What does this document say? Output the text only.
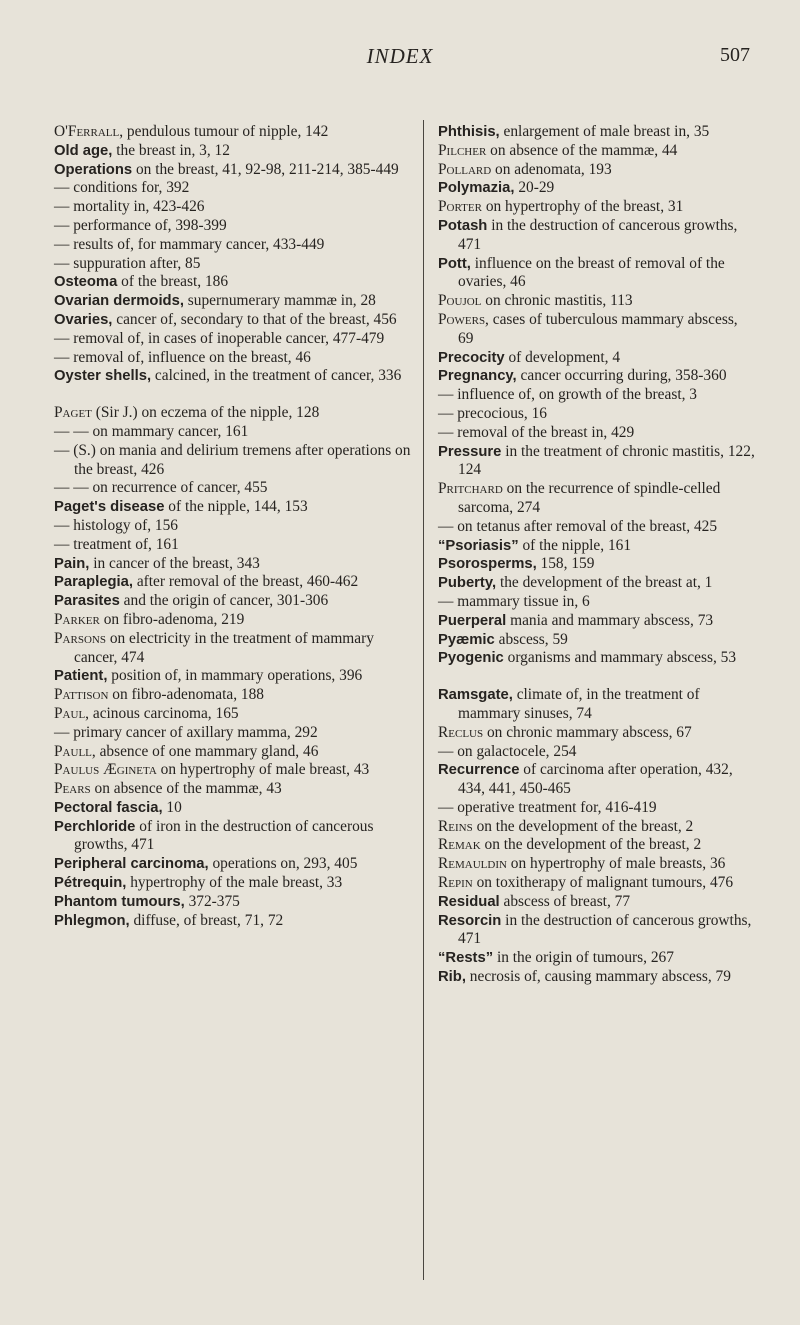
INDEX	507
O'Ferrall, pendulous tumour of nipple, 142
Old age, the breast in, 3, 12
Operations on the breast, 41, 92-98, 211-214, 385-449
— conditions for, 392
— mortality in, 423-426
— performance of, 398-399
— results of, for mammary cancer, 433-449
— suppuration after, 85
Osteoma of the breast, 186
Ovarian dermoids, supernumerary mammæ in, 28
Ovaries, cancer of, secondary to that of the breast, 456
— removal of, in cases of inoperable cancer, 477-479
— removal of, influence on the breast, 46
Oyster shells, calcined, in the treatment of cancer, 336
Paget (Sir J.) on eczema of the nipple, 128
— — on mammary cancer, 161
— (S.) on mania and delirium tremens after operations on the breast, 426
— — on recurrence of cancer, 455
Paget's disease of the nipple, 144, 153
— histology of, 156
— treatment of, 161
Pain, in cancer of the breast, 343
Paraplegia, after removal of the breast, 460-462
Parasites and the origin of cancer, 301-306
Parker on fibro-adenoma, 219
Parsons on electricity in the treatment of mammary cancer, 474
Patient, position of, in mammary operations, 396
Pattison on fibro-adenomata, 188
Paul, acinous carcinoma, 165
— primary cancer of axillary mamma, 292
Paull, absence of one mammary gland, 46
Paulus Ægineta on hypertrophy of male breast, 43
Pears on absence of the mammæ, 43
Pectoral fascia, 10
Perchloride of iron in the destruction of cancerous growths, 471
Peripheral carcinoma, operations on, 293, 405
Pétrequin, hypertrophy of the male breast, 33
Phantom tumours, 372-375
Phlegmon, diffuse, of breast, 71, 72
Phthisis, enlargement of male breast in, 35
Pilcher on absence of the mammæ, 44
Pollard on adenomata, 193
Polymazia, 20-29
Porter on hypertrophy of the breast, 31
Potash in the destruction of cancerous growths, 471
Pott, influence on the breast of removal of the ovaries, 46
Poujol on chronic mastitis, 113
Powers, cases of tuberculous mammary abscess, 69
Precocity of development, 4
Pregnancy, cancer occurring during, 358-360
— influence of, on growth of the breast, 3
— precocious, 16
— removal of the breast in, 429
Pressure in the treatment of chronic mastitis, 122, 124
Pritchard on the recurrence of spindle-celled sarcoma, 274
— on tetanus after removal of the breast, 425
“Psoriasis” of the nipple, 161
Psorosperms, 158, 159
Puberty, the development of the breast at, 1
— mammary tissue in, 6
Puerperal mania and mammary abscess, 73
Pyæmic abscess, 59
Pyogenic organisms and mammary abscess, 53
Ramsgate, climate of, in the treatment of mammary sinuses, 74
Reclus on chronic mammary abscess, 67
— on galactocele, 254
Recurrence of carcinoma after operation, 432, 434, 441, 450-465
— operative treatment for, 416-419
Reins on the development of the breast, 2
Remak on the development of the breast, 2
Remauldin on hypertrophy of male breasts, 36
Repin on toxitherapy of malignant tumours, 476
Residual abscess of breast, 77
Resorcin in the destruction of cancerous growths, 471
“Rests” in the origin of tumours, 267
Rib, necrosis of, causing mammary abscess, 79
